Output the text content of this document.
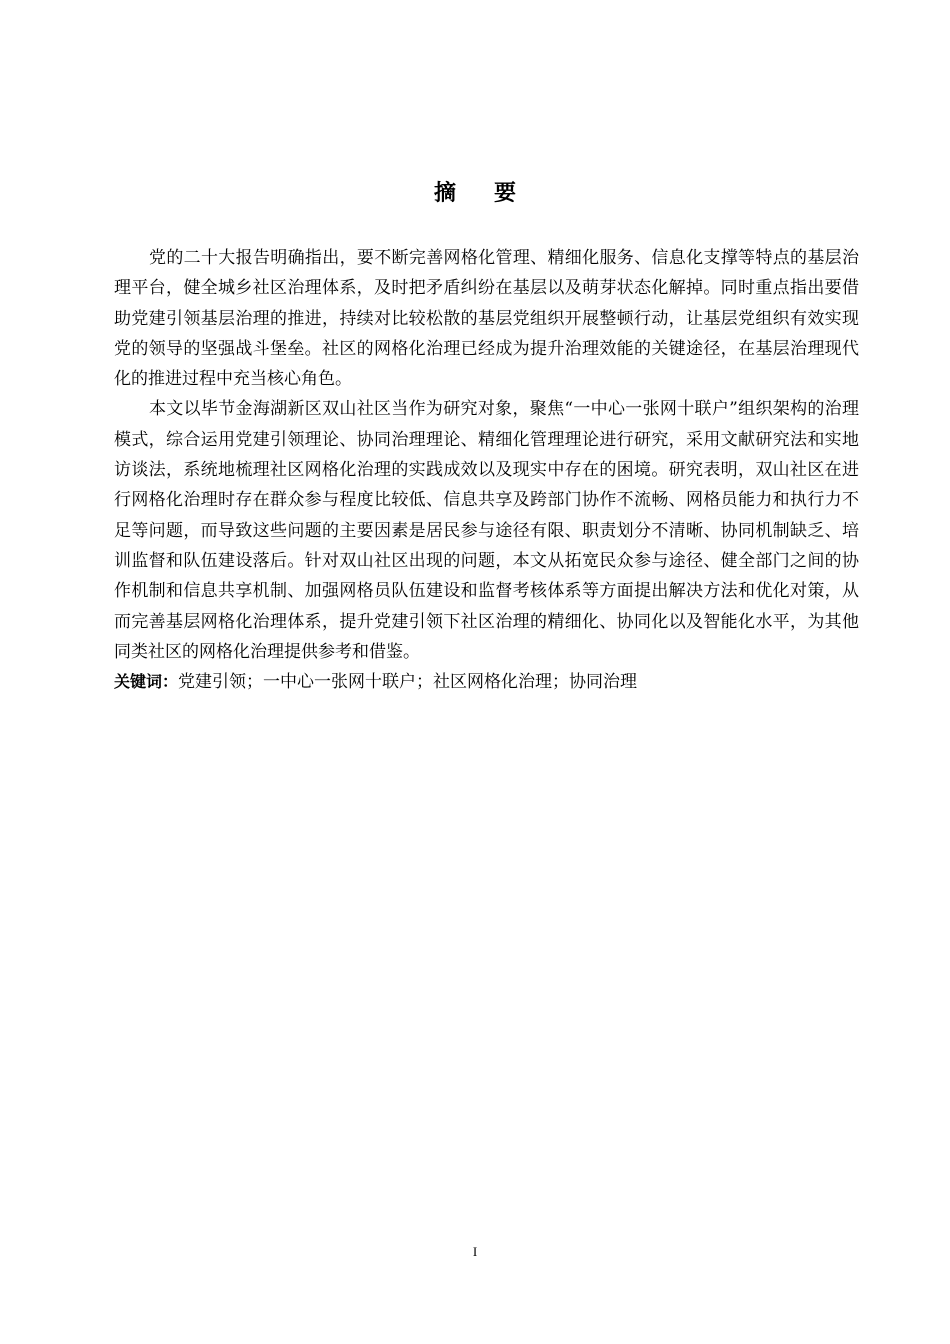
摘要

党的二十大报告明确指出，要不断完善网格化管理、精细化服务、信息化支撑等特点的基层治理平台，健全城乡社区治理体系，及时把矛盾纠纷在基层以及萌芽状态化解掉。同时重点指出要借助党建引领基层治理的推进，持续对比较松散的基层党组织开展整顿行动，让基层党组织有效实现党的领导的坚强战斗堡垒。社区的网格化治理已经成为提升治理效能的关键途径，在基层治理现代化的推进过程中充当核心角色。

本文以毕节金海湖新区双山社区当作为研究对象，聚焦“一中心一张网十联户”组织架构的治理模式，综合运用党建引领理论、协同治理理论、精细化管理理论进行研究，采用文献研究法和实地访谈法，系统地梳理社区网格化治理的实践成效以及现实中存在的困境。研究表明，双山社区在进行网格化治理时存在群众参与程度比较低、信息共享及跨部门协作不流畅、网格员能力和执行力不足等问题，而导致这些问题的主要因素是居民参与途径有限、职责划分不清晰、协同机制缺乏、培训监督和队伍建设落后。针对双山社区出现的问题，本文从拓宽民众参与途径、健全部门之间的协作机制和信息共享机制、加强网格员队伍建设和监督考核体系等方面提出解决方法和优化对策，从而完善基层网格化治理体系，提升党建引领下社区治理的精细化、协同化以及智能化水平，为其他同类社区的网格化治理提供参考和借鉴。

关键词：党建引领；一中心一张网十联户；社区网格化治理；协同治理

I
